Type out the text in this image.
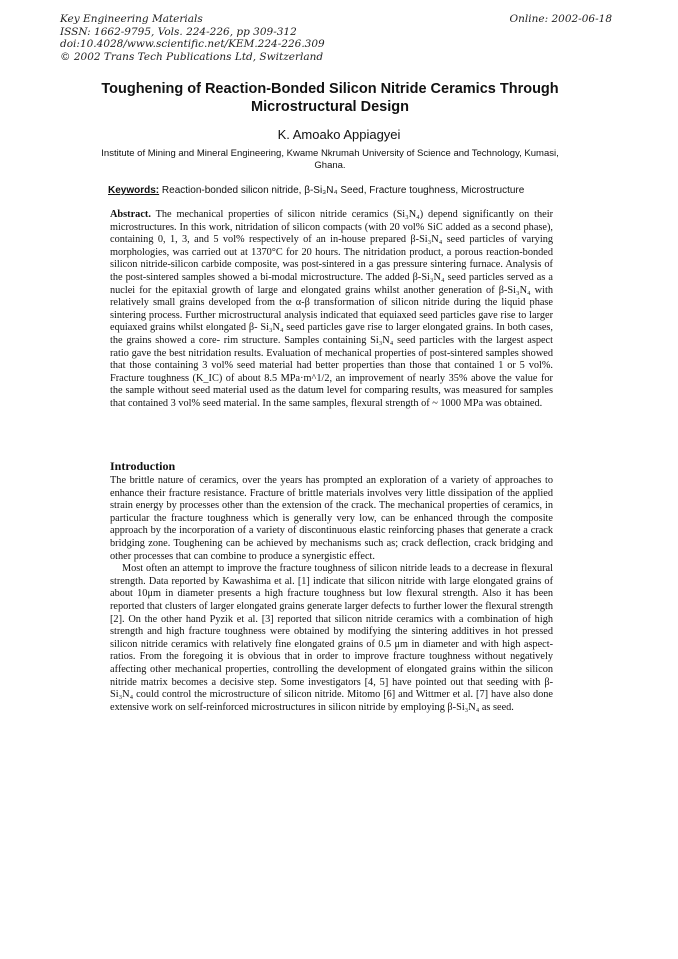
Key Engineering Materials
ISSN: 1662-9795, Vols. 224-226, pp 309-312
doi:10.4028/www.scientific.net/KEM.224-226.309
© 2002 Trans Tech Publications Ltd, Switzerland
Online: 2002-06-18
Toughening of Reaction-Bonded Silicon Nitride Ceramics Through Microstructural Design
K. Amoako Appiagyei
Institute of Mining and Mineral Engineering, Kwame Nkrumah University of Science and Technology, Kumasi, Ghana.
Keywords: Reaction-bonded silicon nitride, β-Si₃N₄ Seed, Fracture toughness, Microstructure
Abstract. The mechanical properties of silicon nitride ceramics (Si₃N₄) depend significantly on their microstructures. In this work, nitridation of silicon compacts (with 20 vol% SiC added as a second phase), containing 0, 1, 3, and 5 vol% respectively of an in-house prepared β-Si₃N₄ seed particles of varying morphologies, was carried out at 1370°C for 20 hours. The nitridation product, a porous reaction-bonded silicon nitride-silicon carbide composite, was post-sintered in a gas pressure sintering furnace. Analysis of the post-sintered samples showed a bi-modal microstructure. The added β-Si₃N₄ seed particles served as a nuclei for the epitaxial growth of large and elongated grains whilst another generation of β-Si₃N₄ with relatively small grains developed from the α-β transformation of silicon nitride during the liquid phase sintering process. Further microstructural analysis indicated that equiaxed seed particles gave rise to larger equiaxed grains whilst elongated β- Si₃N₄ seed particles gave rise to larger elongated grains. In both cases, the grains showed a core- rim structure. Samples containing Si₃N₄ seed particles with the largest aspect ratio gave the best nitridation results. Evaluation of mechanical properties of post-sintered samples showed that those containing 3 vol% seed material had better properties than those that contained 1 or 5 vol%. Fracture toughness (K_IC) of about 8.5 MPa·m^1/2, an improvement of nearly 35% above the value for the sample without seed material used as the datum level for comparing results, was measured for samples that contained 3 vol% seed material. In the same samples, flexural strength of ~ 1000 MPa was obtained.
Introduction

The brittle nature of ceramics, over the years has prompted an exploration of a variety of approaches to enhance their fracture resistance. Fracture of brittle materials involves very little dissipation of the applied strain energy by processes other than the extension of the crack. The mechanical properties of ceramics, in particular the fracture toughness which is generally very low, can be enhanced through the composite approach by the incorporation of a variety of discontinuous elastic reinforcing phases that generate a crack bridging zone. Toughening can be achieved by mechanisms such as; crack deflection, crack bridging and other processes that can combine to produce a synergistic effect.

Most often an attempt to improve the fracture toughness of silicon nitride leads to a decrease in flexural strength. Data reported by Kawashima et al. [1] indicate that silicon nitride with large elongated grains of about 10μm in diameter presents a high fracture toughness but low flexural strength. Also it has been reported that clusters of larger elongated grains generate larger defects to further lower the flexural strength [2]. On the other hand Pyzik et al. [3] reported that silicon nitride ceramics with a combination of high strength and high fracture toughness were obtained by modifying the sintering additives in hot pressed silicon nitride ceramics with relatively fine elongated grains of 0.5 μm in diameter and with high aspect-ratios. From the foregoing it is obvious that in order to improve fracture toughness without negatively affecting other mechanical properties, controlling the development of elongated grains within the silicon nitride matrix becomes a decisive step. Some investigators [4, 5] have pointed out that seeding with β-Si₃N₄ could control the microstructure of silicon nitride. Mitomo [6] and Wittmer et al. [7] have also done extensive work on self-reinforced microstructures in silicon nitride by employing β-Si₃N₄ as seed.
